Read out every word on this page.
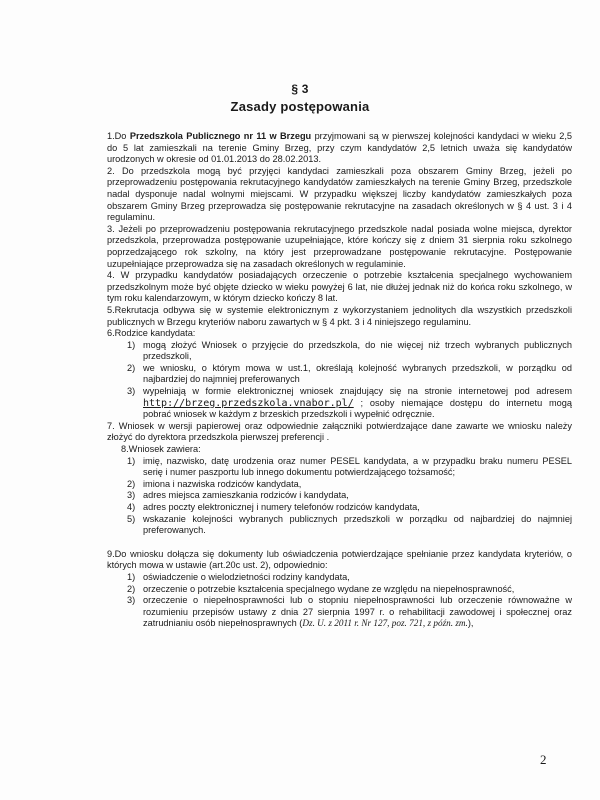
§ 3
Zasady postępowania

1.Do Przedszkola Publicznego nr 11 w Brzegu przyjmowani są w pierwszej kolejności kandydaci w wieku 2,5 do 5 lat zamieszkali na terenie Gminy Brzeg, przy czym kandydatów 2,5 letnich uważa się kandydatów urodzonych w okresie od 01.01.2013 do 28.02.2013.

2. Do przedszkola mogą być przyjęci kandydaci zamieszkali poza obszarem Gminy Brzeg, jeżeli po przeprowadzeniu postępowania rekrutacyjnego kandydatów zamieszkałych na terenie Gminy Brzeg, przedszkole nadal dysponuje nadal wolnymi miejscami. W przypadku większej liczby kandydatów zamieszkałych poza obszarem Gminy Brzeg przeprowadza się postępowanie rekrutacyjne na zasadach określonych w § 4 ust. 3 i 4 regulaminu.

3. Jeżeli po przeprowadzeniu postępowania rekrutacyjnego przedszkole nadal posiada wolne miejsca, dyrektor przedszkola, przeprowadza postępowanie uzupełniające, które kończy się z dniem 31 sierpnia roku szkolnego poprzedzającego rok szkolny, na który jest przeprowadzane postępowanie rekrutacyjne. Postępowanie uzupełniające przeprowadza się na zasadach określonych w regulaminie.

4. W przypadku kandydatów posiadających orzeczenie o potrzebie kształcenia specjalnego wychowaniem przedszkolnym może być objęte dziecko w wieku powyżej 6 lat, nie dłużej jednak niż do końca roku szkolnego, w tym roku kalendarzowym, w którym dziecko kończy 8 lat.

5.Rekrutacja odbywa się w systemie elektronicznym z wykorzystaniem jednolitych dla wszystkich przedszkoli publicznych w Brzegu kryteriów naboru zawartych w § 4 pkt. 3 i 4 niniejszego regulaminu.

6.Rodzice kandydata:

1) mogą złożyć Wniosek o przyjęcie do przedszkola, do nie więcej niż trzech wybranych publicznych przedszkoli,
2) we wniosku, o którym mowa w ust.1, określają kolejność wybranych przedszkoli, w porządku od najbardziej do najmniej preferowanych
3) wypełniają w formie elektronicznej wniosek znajdujący się na stronie internetowej pod adresem http://brzeg.przedszkola.vnabor.pl/ ; osoby niemające dostępu do internetu mogą pobrać wniosek w każdym z brzeskich przedszkoli i wypełnić odręcznie.

7. Wniosek w wersji papierowej oraz odpowiednie załączniki potwierdzające dane zawarte we wniosku należy złożyć do dyrektora przedszkola pierwszej preferencji .

8.Wniosek zawiera:

1) imię, nazwisko, datę urodzenia oraz numer PESEL kandydata, a w przypadku braku numeru PESEL serię i numer paszportu lub innego dokumentu potwierdzającego tożsamość;
2) imiona i nazwiska rodziców kandydata,
3) adres miejsca zamieszkania rodziców i kandydata,
4) adres poczty elektronicznej i numery telefonów rodziców kandydata,
5) wskazanie kolejności wybranych publicznych przedszkoli w porządku od najbardziej do najmniej preferowanych.

9.Do wniosku dołącza się dokumenty lub oświadczenia potwierdzające spełnianie przez kandydata kryteriów, o których mowa w ustawie (art.20c ust. 2), odpowiednio:

1) oświadczenie o wielodzietności rodziny kandydata,
2) orzeczenie o potrzebie kształcenia specjalnego wydane ze względu na niepełnosprawność,
3) orzeczenie o niepełnosprawności lub o stopniu niepełnosprawności lub orzeczenie równoważne w rozumieniu przepisów ustawy z dnia 27 sierpnia 1997 r. o rehabilitacji zawodowej i społecznej oraz zatrudnianiu osób niepełnosprawnych (Dz. U. z 2011 r. Nr 127, poz. 721, z późn. zm.),
2
